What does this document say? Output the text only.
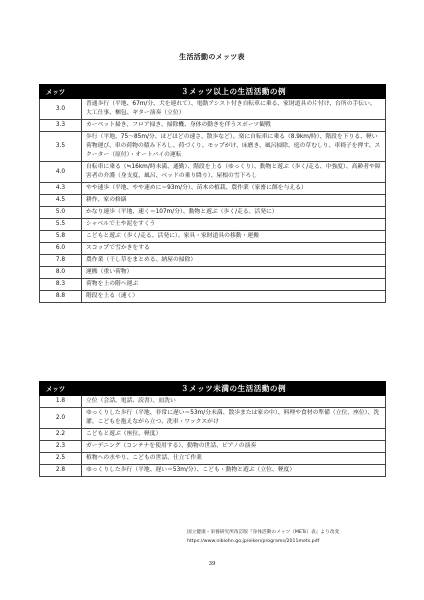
生活活動のメッツ表
メッツ	３メッツ以上の生活活動の例
3.0	普通歩行（平地、67m/分、犬を連れて）、電動アシスト付き自転車に乗る、家財道具の片付け、台所の手伝い、大工仕事、梱包、ギター演奏（立位）
3.3	カーペット掃き、フロア掃き、掃除機、身体の動きを伴うスポーツ観戦
3.5	歩行（平地、75～85m/分、ほどほどの速さ、散歩など）、楽に自転車に乗る（8.9km/時）、階段を下りる、軽い荷物運び、車の荷物の積み下ろし、荷づくり、モップがけ、床磨き、風呂掃除、庭の草むしり、車椅子を押す、スクーター（原付）・オートバイの運転
4.0	自転車に乗る（≒16km/時未満、通勤）、階段を上る（ゆっくり）、動物と遊ぶ（歩く/走る、中強度）、高齢者や障害者の介護（身支度、風呂、ベッドの乗り降り）、屋根の雪下ろし
4.3	やや速歩（平地、やや速めに＝93m/分）、苗木の植栽、農作業（家畜に餌を与える）
4.5	耕作、家の修繕
5.0	かなり速歩（平地、速く＝107m/分）、動物と遊ぶ（歩く/走る、活発に）
5.5	シャベルで土や泥をすくう
5.8	こどもと遊ぶ（歩く/走る、活発に）、家具・家財道具の移動・運搬
6.0	スコップで雪かきをする
7.8	農作業（干し草をまとめる、納屋の掃除）
8.0	運搬（重い荷物）
8.3	荷物を上の階へ運ぶ
8.8	階段を上る（速く）
メッツ	３メッツ未満の生活活動の例
1.8	立位（会話、電話、読書）、皿洗い
2.0	ゆっくりした歩行（平地、非常に遅い＝53m/分未満、散歩または家の中）、料理や食材の準備（立位、座位）、洗濯、こどもを抱えながら立つ、洗車・ワックスがけ
2.2	こどもと遊ぶ（座位、軽度）
2.3	ガーデニング（コンテナを使用する）、動物の世話、ピアノの演奏
2.5	植物への水やり、こどもの世話、仕立て作業
2.8	ゆっくりした歩行（平地、遅い＝53m/分）、こども・動物と遊ぶ（立位、軽度）
国立健康・栄養研究所改訂版『身体活動のメッツ（METs）表』より改変
https://www.nibiohn.go.jp/eiken/programs/2011mets.pdf
39
